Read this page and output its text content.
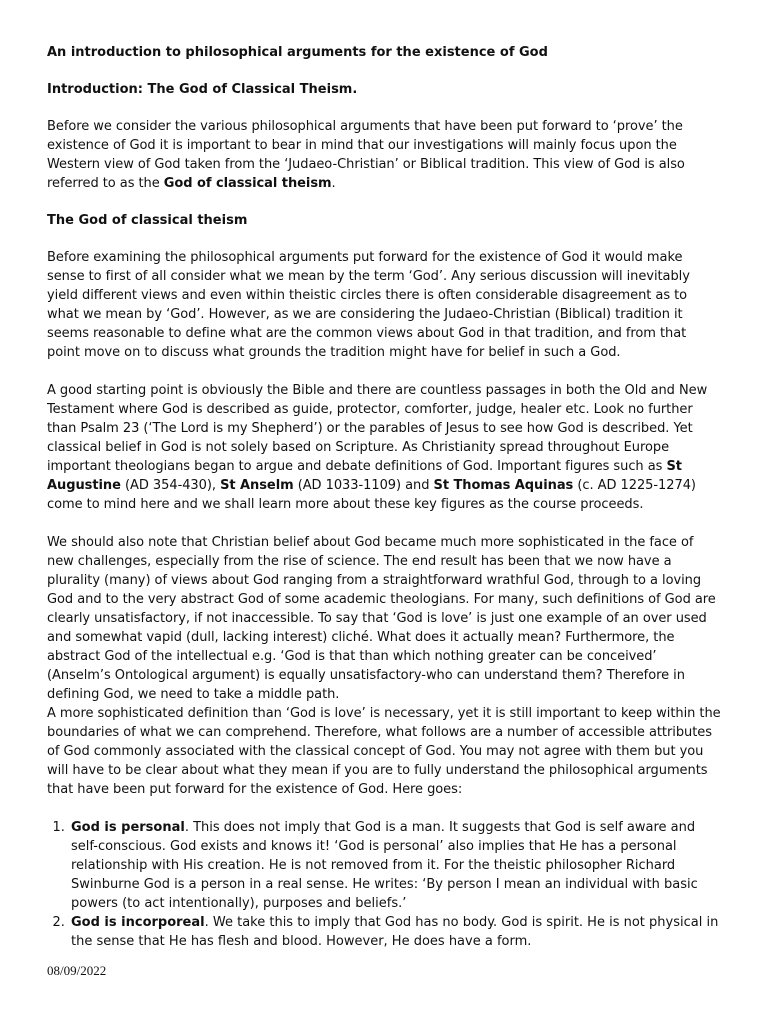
An introduction to philosophical arguments for the existence of God

Introduction: The God of Classical Theism.

Before we consider the various philosophical arguments that have been put forward to ‘prove’ the existence of God it is important to bear in mind that our investigations will mainly focus upon the Western view of God taken from the ‘Judaeo-Christian’ or Biblical tradition. This view of God is also referred to as the God of classical theism.

The God of classical theism

Before examining the philosophical arguments put forward for the existence of God it would make sense to first of all consider what we mean by the term ‘God’. Any serious discussion will inevitably yield different views and even within theistic circles there is often considerable disagreement as to what we mean by ‘God’. However, as we are considering the Judaeo-Christian (Biblical) tradition it seems reasonable to define what are the common views about God in that tradition, and from that point move on to discuss what grounds the tradition might have for belief in such a God.

A good starting point is obviously the Bible and there are countless passages in both the Old and New Testament where God is described as guide, protector, comforter, judge, healer etc. Look no further than Psalm 23 (‘The Lord is my Shepherd’) or the parables of Jesus to see how God is described. Yet classical belief in God is not solely based on Scripture. As Christianity spread throughout Europe important theologians began to argue and debate definitions of God. Important figures such as St Augustine (AD 354-430), St Anselm (AD 1033-1109) and St Thomas Aquinas (c. AD 1225-1274) come to mind here and we shall learn more about these key figures as the course proceeds.

We should also note that Christian belief about God became much more sophisticated in the face of new challenges, especially from the rise of science. The end result has been that we now have a plurality (many) of views about God ranging from a straightforward wrathful God, through to a loving God and to the very abstract God of some academic theologians. For many, such definitions of God are clearly unsatisfactory, if not inaccessible. To say that ‘God is love’ is just one example of an over used and somewhat vapid (dull, lacking interest) cliché. What does it actually mean? Furthermore, the abstract God of the intellectual e.g. ‘God is that than which nothing greater can be conceived’ (Anselm’s Ontological argument) is equally unsatisfactory-who can understand them? Therefore in defining God, we need to take a middle path.

A more sophisticated definition than ‘God is love’ is necessary, yet it is still important to keep within the boundaries of what we can comprehend. Therefore, what follows are a number of accessible attributes of God commonly associated with the classical concept of God. You may not agree with them but you will have to be clear about what they mean if you are to fully understand the philosophical arguments that have been put forward for the existence of God. Here goes:

1. God is personal. This does not imply that God is a man. It suggests that God is self aware and self-conscious. God exists and knows it! ‘God is personal’ also implies that He has a personal relationship with His creation. He is not removed from it. For the theistic philosopher Richard Swinburne God is a person in a real sense. He writes: ‘By person I mean an individual with basic powers (to act intentionally), purposes and beliefs.’
2. God is incorporeal. We take this to imply that God has no body. God is spirit. He is not physical in the sense that He has flesh and blood. However, He does have a form.
08/09/2022
